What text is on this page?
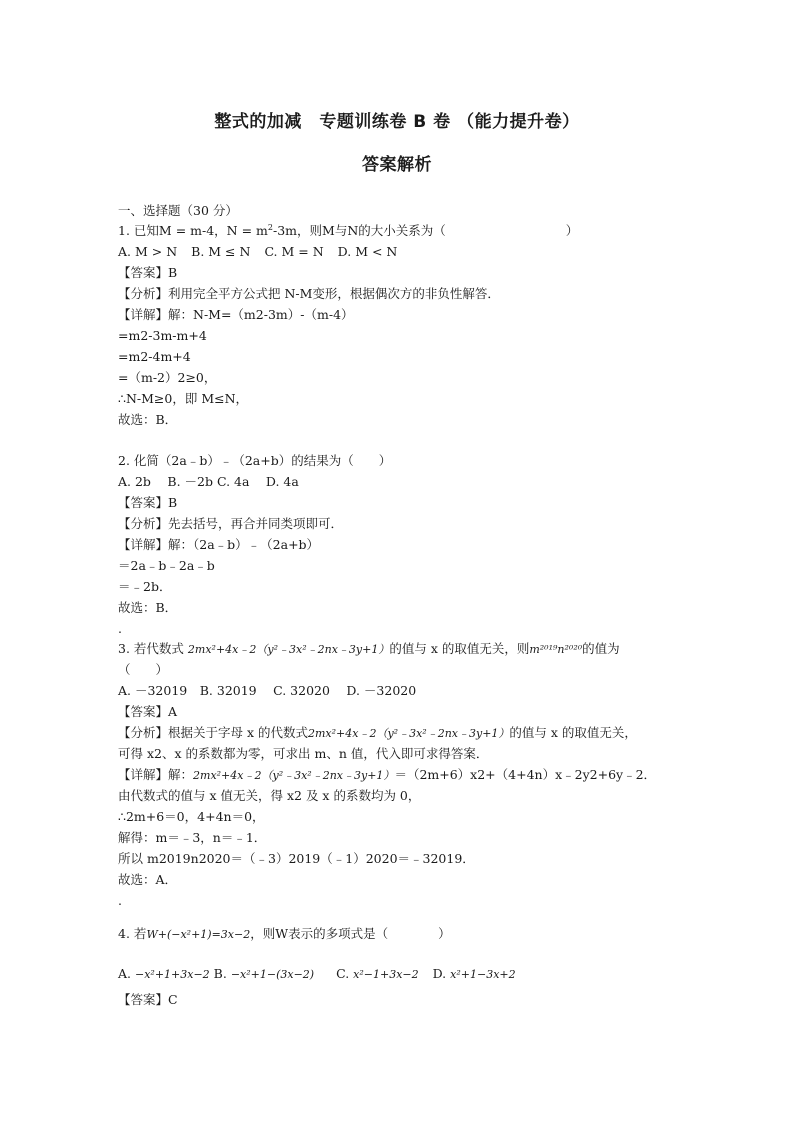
整式的加减　专题训练卷 B 卷 （能力提升卷）
答案解析
一、选择题（30 分）
1. 已知M = m-4，$N = m^2-3m$，则M与N的大小关系为（	）
A. M > N B. M ≤ N C. M = N D. M < N
【答案】B
【分析】利用完全平方公式把 N-M变形，根据偶次方的非负性解答．
【详解】解：N-M=（m2-3m）-（m-4）
=m2-3m-m+4
=m2-4m+4
=（m-2）2≥0，
∴N-M≥0，即 M≤N，
故选：B．
2. 化简（2a﹣b）﹣（2a+b）的结果为（　　）
A. 2b　 B. －2b C. 4a　 D. 4a
【答案】B
【分析】先去括号，再合并同类项即可．
【详解】解：（2a﹣b）﹣（2a+b）
＝2a﹣b﹣2a﹣b
＝﹣2b．
故选：B．
.
3. 若代数式 2mx²+4x﹣2（y²﹣3x²﹣2nx﹣3y+1）的值与 x 的取值无关，则m²⁰¹⁹n²⁰²⁰的值为
（　　）
A. －32019　B. 32019　 C. 32020　 D. －32020
【答案】A
【分析】根据关于字母 x 的代数式2mx²+4x﹣2（y²﹣3x²﹣2nx﹣3y+1）的值与 x 的取值无关，
可得 x2、x 的系数都为零，可求出 m、n 值，代入即可求得答案．
【详解】解：2mx²+4x﹣2（y²﹣3x²﹣2nx﹣3y+1）＝（2m+6）x2+（4+4n）x﹣2y2+6y﹣2．
由代数式的值与 x 值无关，得 x2 及 x 的系数均为 0，
∴2m+6＝0，4+4n＝0，
解得：m＝﹣3，n＝﹣1．
所以 m2019n2020＝（﹣3）2019（﹣1）2020＝﹣32019．
故选：A．
.
4. 若W+(−x²+1)=3x−2，则W表示的多项式是（　　　　）
A. −x²+1+3x−2 B. −x²+1−(3x−2) C. x²−1+3x−2 D. x²+1−3x+2
【答案】C
